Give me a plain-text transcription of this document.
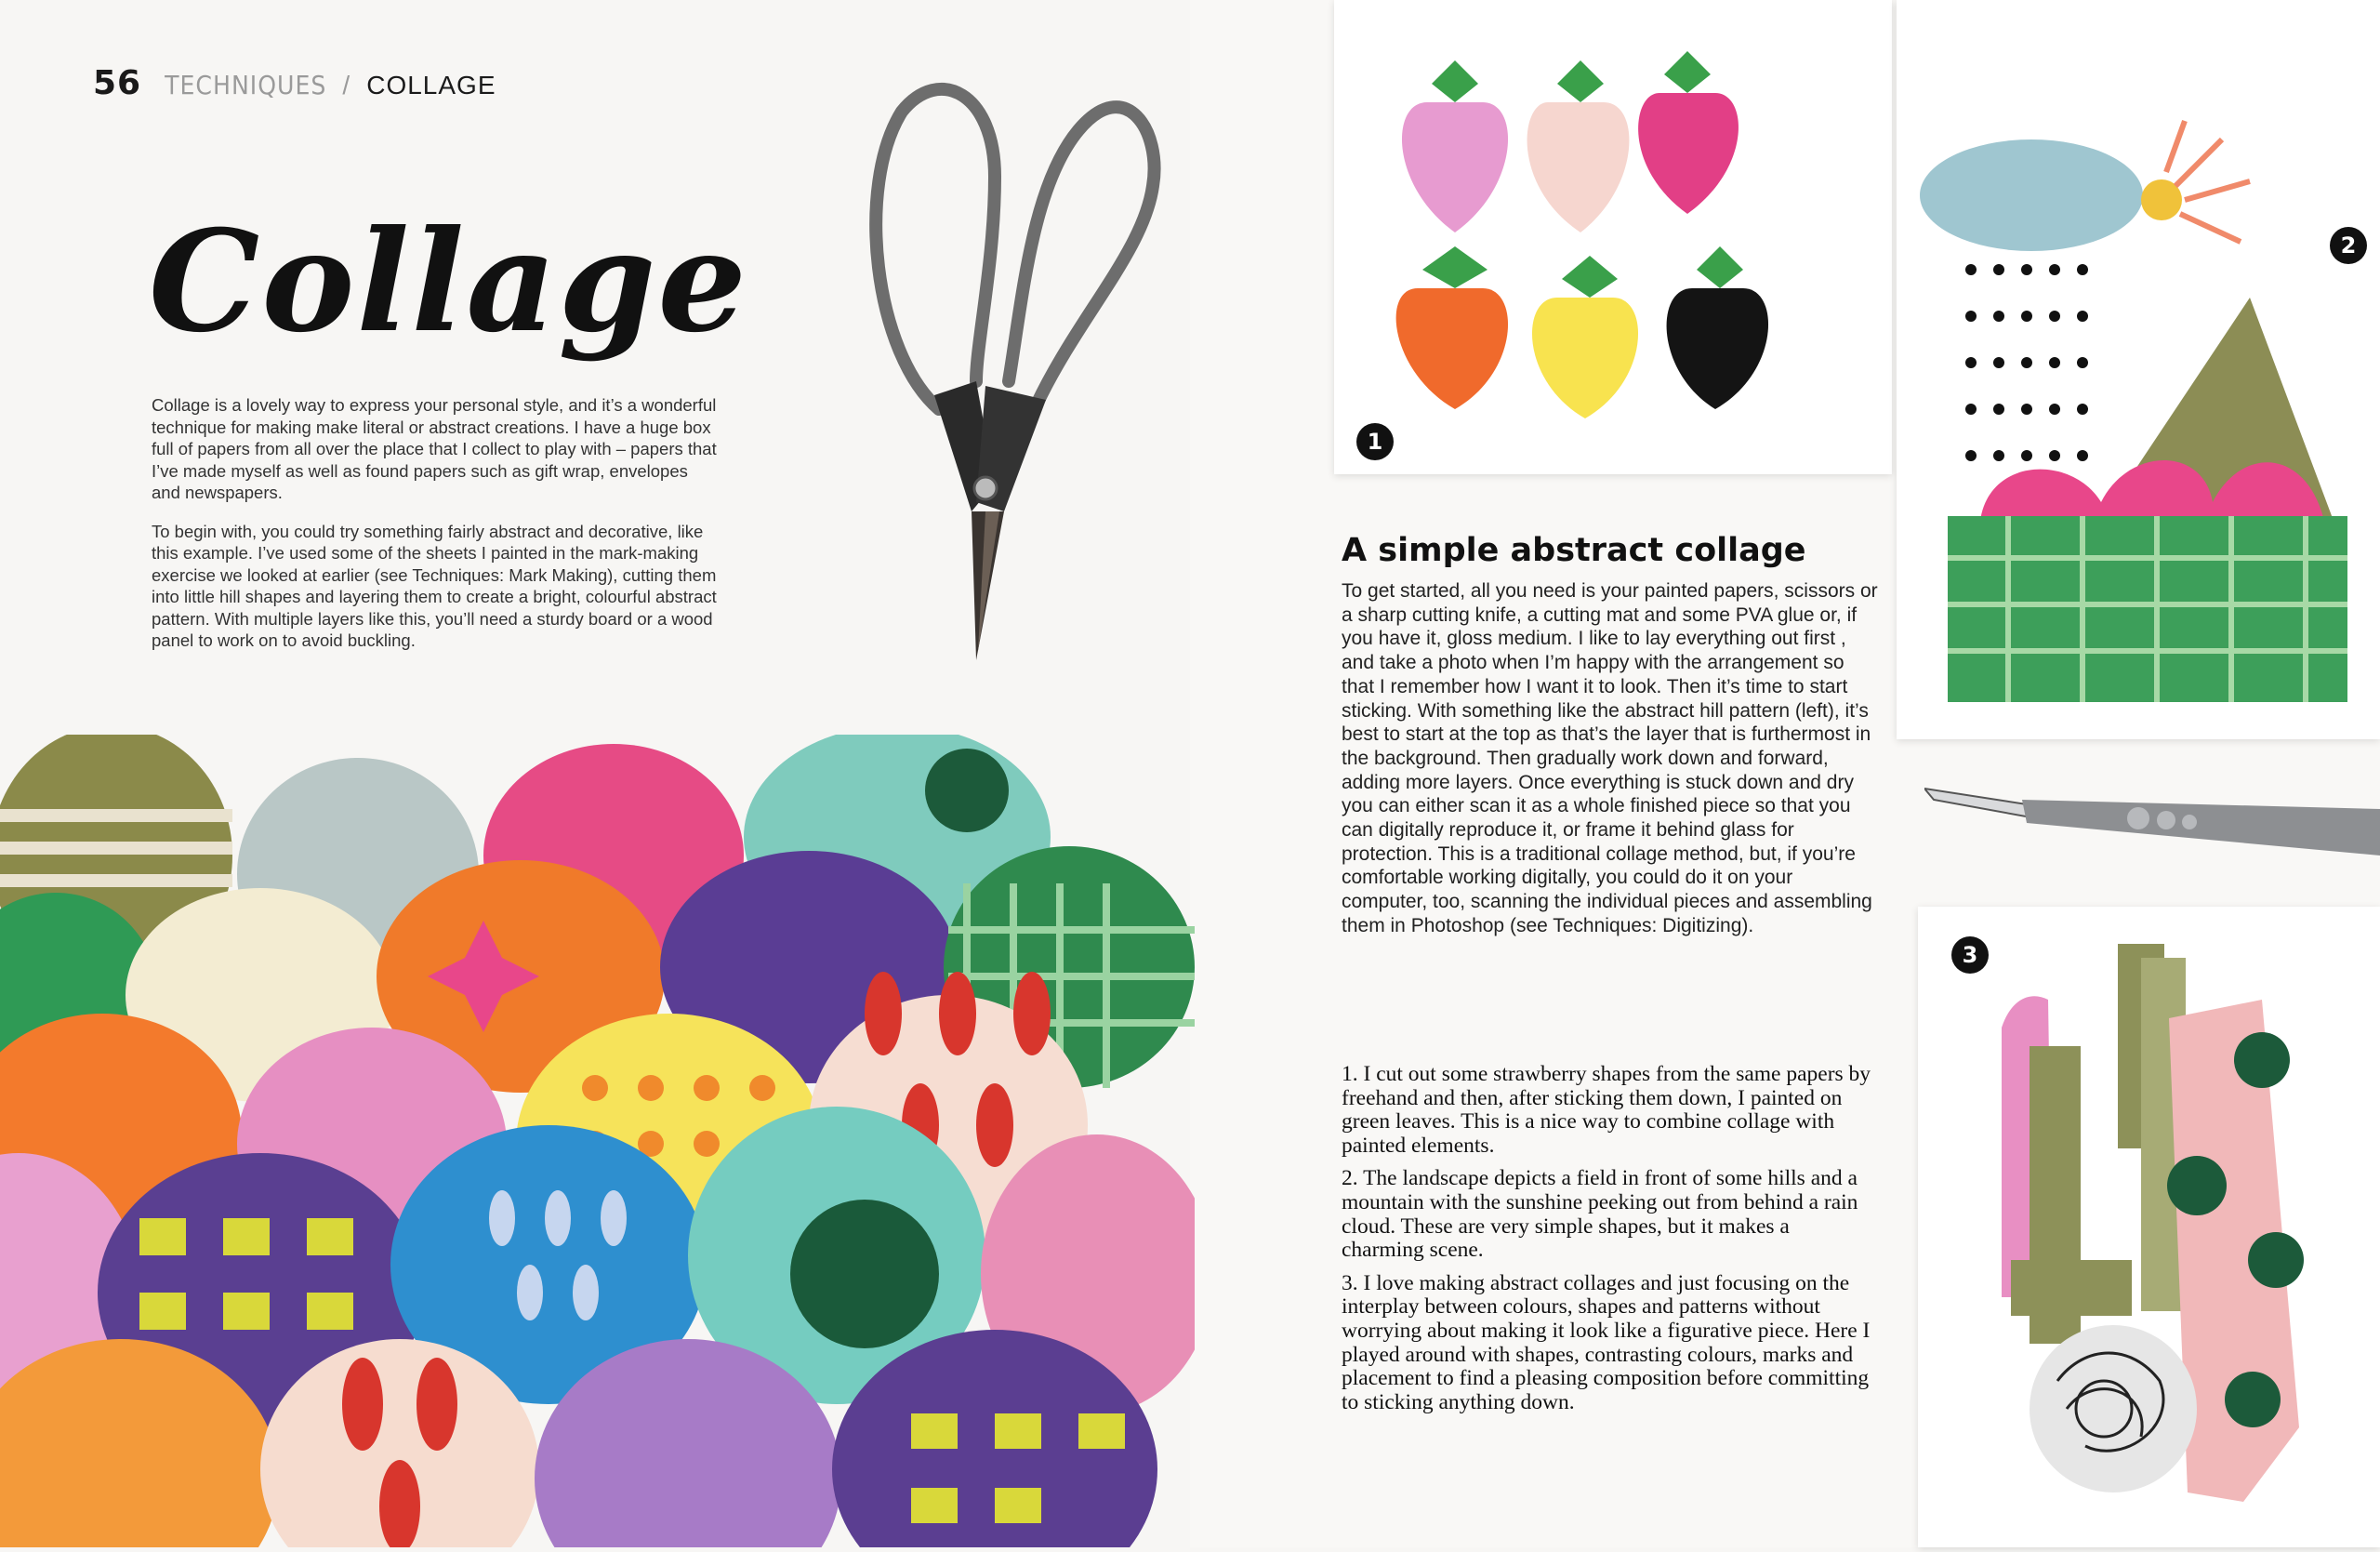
56 TECHNIQUES / COLLAGE
Collage

Collage is a lovely way to express your personal style, and it’s a wonderful technique for making make literal or abstract creations. I have a huge box full of papers from all over the place that I collect to play with – papers that I’ve made myself as well as found papers such as gift wrap, envelopes and newspapers.

To begin with, you could try something fairly abstract and decorative, like this example. I’ve used some of the sheets I painted in the mark-making exercise we looked at earlier (see Techniques: Mark Making), cutting them into little hill shapes and layering them to create a bright, colourful abstract pattern. With multiple layers like this, you’ll need a sturdy board or a wood panel to work on to avoid buckling.

1
2
3
A simple abstract collage
To get started, all you need is your painted papers, scissors or a sharp cutting knife, a cutting mat and some PVA glue or, if you have it, gloss medium. I like to lay everything out first , and take a photo when I’m happy with the arrangement so that I remember how I want it to look. Then it’s time to start sticking. With something like the abstract hill pattern (left), it’s best to start at the top as that’s the layer that is furthermost in the background. Then gradually work down and forward, adding more layers. Once everything is stuck down and dry you can either scan it as a whole finished piece so that you can digitally reproduce it, or frame it behind glass for protection. This is a traditional collage method, but, if you’re comfortable working digitally, you could do it on your computer, too, scanning the individual pieces and assembling them in Photoshop (see Techniques: Digitizing).

1. I cut out some strawberry shapes from the same papers by freehand and then, after sticking them down, I painted on green leaves. This is a nice way to combine collage with painted elements.

2. The landscape depicts a field in front of some hills and a mountain with the sunshine peeking out from behind a rain cloud. These are very simple shapes, but it makes a charming scene.

3. I love making abstract collages and just focusing on the interplay between colours, shapes and patterns without worrying about making it look like a figurative piece. Here I played around with shapes, contrasting colours, marks and placement to find a pleasing composition before committing to sticking anything down.
